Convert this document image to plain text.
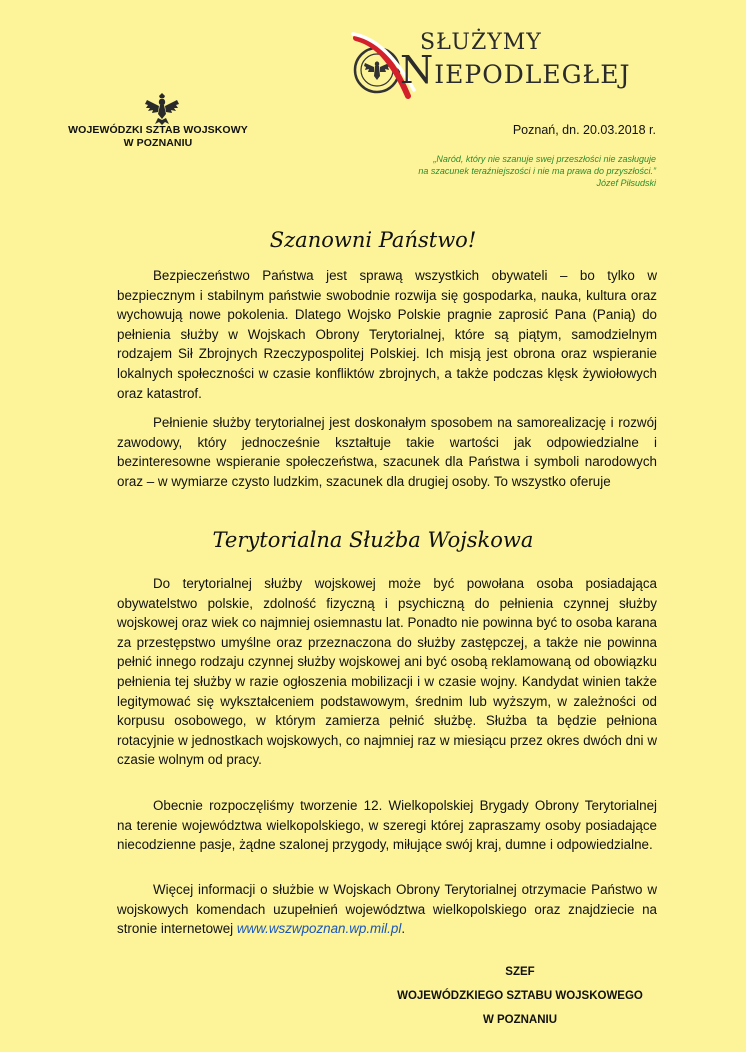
WOJEWÓDZKI SZTAB WOJSKOWY
W POZNANIU
SŁUŻYMY
NIEPODLEGŁEJ
Poznań, dn. 20.03.2018 r.
„Naród, który nie szanuje swej przeszłości nie zasługuje
na szacunek teraźniejszości i nie ma prawa do przyszłości.”
Józef Piłsudski
Szanowni Państwo!
Bezpieczeństwo Państwa jest sprawą wszystkich obywateli – bo tylko w bezpiecznym i stabilnym państwie swobodnie rozwija się gospodarka, nauka, kultura oraz wychowują nowe pokolenia. Dlatego Wojsko Polskie pragnie zaprosić Pana (Panią) do pełnienia służby w Wojskach Obrony Terytorialnej, które są piątym, samodzielnym rodzajem Sił Zbrojnych Rzeczypospolitej Polskiej. Ich misją jest obrona oraz wspieranie lokalnych społeczności w czasie konfliktów zbrojnych, a także podczas klęsk żywiołowych oraz katastrof.
Pełnienie służby terytorialnej jest doskonałym sposobem na samorealizację i rozwój zawodowy, który jednocześnie kształtuje takie wartości jak odpowiedzialne i bezinteresowne wspieranie społeczeństwa, szacunek dla Państwa i symboli narodowych oraz – w wymiarze czysto ludzkim, szacunek dla drugiej osoby. To wszystko oferuje
Terytorialna Służba Wojskowa
Do terytorialnej służby wojskowej może być powołana osoba posiadająca obywatelstwo polskie, zdolność fizyczną i psychiczną do pełnienia czynnej służby wojskowej oraz wiek co najmniej osiemnastu lat. Ponadto nie powinna być to osoba karana za przestępstwo umyślne oraz przeznaczona do służby zastępczej, a także nie powinna pełnić innego rodzaju czynnej służby wojskowej ani być osobą reklamowaną od obowiązku pełnienia tej służby w razie ogłoszenia mobilizacji i w czasie wojny. Kandydat winien także legitymować się wykształceniem podstawowym, średnim lub wyższym, w zależności od korpusu osobowego, w którym zamierza pełnić służbę. Służba ta będzie pełniona rotacyjnie w jednostkach wojskowych, co najmniej raz w miesiącu przez okres dwóch dni w czasie wolnym od pracy.
Obecnie rozpoczęliśmy tworzenie 12. Wielkopolskiej Brygady Obrony Terytorialnej na terenie województwa wielkopolskiego, w szeregi której zapraszamy osoby posiadające niecodzienne pasje, żądne szalonej przygody, miłujące swój kraj, dumne i odpowiedzialne.
Więcej informacji o służbie w Wojskach Obrony Terytorialnej otrzymacie Państwo w wojskowych komendach uzupełnień województwa wielkopolskiego oraz znajdziecie na stronie internetowej www.wszwpoznan.wp.mil.pl.
SZEF
WOJEWÓDZKIEGO SZTABU WOJSKOWEGO
W POZNANIU
